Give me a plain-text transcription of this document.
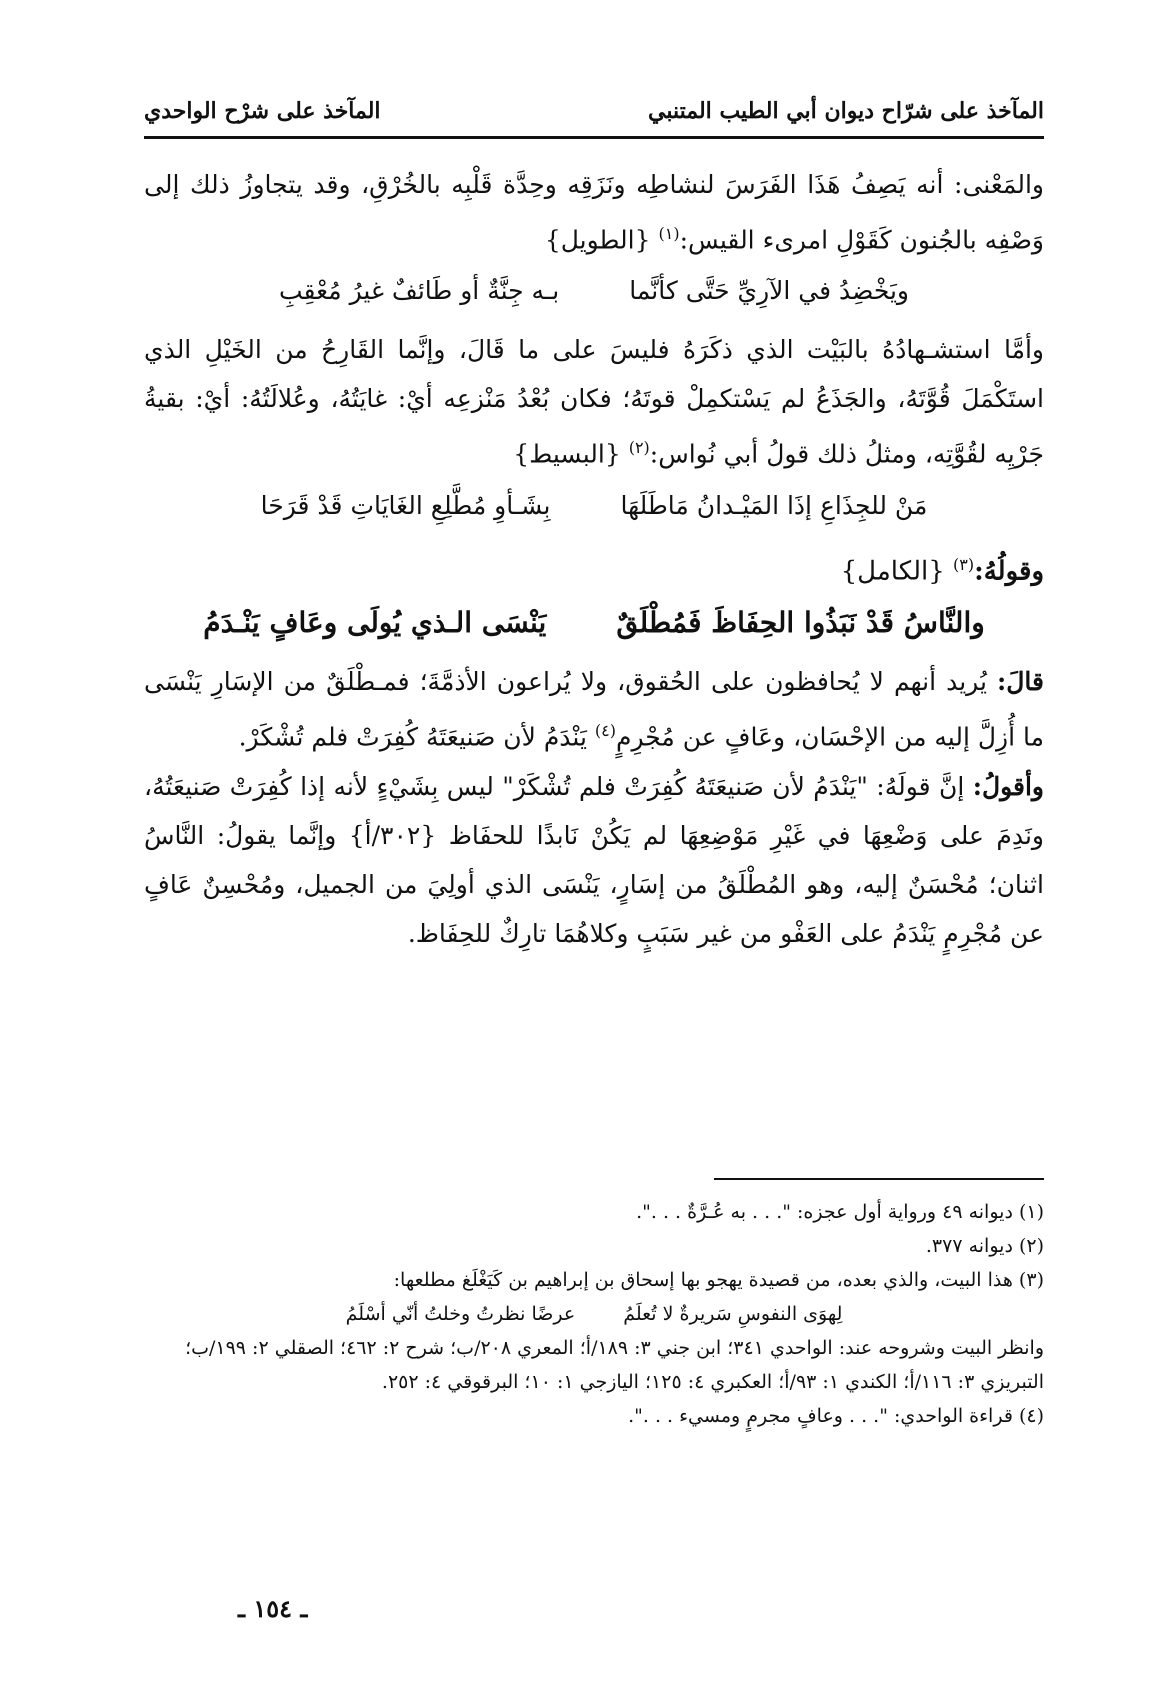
المآخذ على شرّاح ديوان أبي الطيب المتنبي
المآخذ على شرْح الواحدي

والمَعْنى: أنه يَصِفُ هَذَا الفَرَسَ لنشاطِه ونَزَقِه وحِدَّة قَلْبِه بالخُرْقِ، وقد يتجاوزُ ذلك إلى وَصْفِه بالجُنون كَقَوْلِ امرىء القيس:$^{(١)}$ {الطويل}

ويَخْضِدُ في الآرِيِّ حَتَّى كأنَّما
بـه جِنَّةٌ أو طَائفٌ غيرُ مُعْقِبِ

وأمَّا استشـهادُهُ بالبَيْت الذي ذكَرَهُ فليسَ على ما قَالَ، وإنَّما القَارِحُ من الخَيْلِ الذي استَكْمَلَ قُوَّتَهُ، والجَذَعُ لم يَسْتكمِلْ قوتَهُ؛ فكان بُعْدُ مَنْزعِه أيْ: غايَتُهُ، وعُلالَتُهُ: أيْ: بقيةُ جَرْيِه لقُوَّتِه، ومثلُ ذلك قولُ أبي نُواس:$^{(٢)}$ {البسيط}

مَنْ للجِذَاعِ إذَا المَيْـدانُ مَاطَلَهَا
بِشَـأوِ مُطَّلِعِ الغَايَاتِ قَدْ قَرَحَا

وقولُهُ:$^{(٣)}$ {الكامل}

والنَّاسُ قَدْ نَبَذُوا الحِفَاظَ فَمُطْلَقٌ
يَنْسَى الـذي يُولَى وعَافٍ يَنْـدَمُ

قالَ: يُريد أنهم لا يُحافظون على الحُقوق، ولا يُراعون الأذمَّةَ؛ فمـطْلَقٌ من الإسَارِ يَنْسَى ما أُزِلَّ إليه من الإحْسَان، وعَافٍ عن مُجْرِمٍ$^{(٤)}$ يَنْدَمُ لأن صَنيعَتَهُ كُفِرَتْ فلم تُشْكَرْ.

وأقولُ: إنَّ قولَهُ: "يَنْدَمُ لأن صَنيعَتَهُ كُفِرَتْ فلم تُشْكَرْ" ليس بِشَيْءٍ لأنه إذا كُفِرَتْ صَنيعَتُهُ، ونَدِمَ على وَضْعِهَا في غَيْرِ مَوْضِعِهَا لم يَكُنْ نَابذًا للحفَاظ {٣٠٢/أ} وإنَّما يقولُ: النَّاسُ اثنان؛ مُحْسَنٌ إليه، وهو المُطْلَقُ من إسَارٍ، يَنْسَى الذي أولِيَ من الجميل، ومُحْسِنٌ عَافٍ عن مُجْرِمٍ يَنْدَمُ على العَفْو من غير سَبَبٍ وكلاهُمَا تارِكٌ للحِفَاظ.

(١) ديوانه ٤٩ ورواية أول عجزه: ". . . به عُـرَّةٌ . . .".

(٢) ديوانه ٣٧٧.

(٣) هذا البيت، والذي بعده، من قصيدة يهجو بها إسحاق بن إبراهيم بن كَيَغْلَغ مطلعها:

لِهوَى النفوسِ سَريرةٌ لا تُعلَمُ
عرضًا نظرتُ وخلتُ أنّي أسْلَمُ

وانظر البيت وشروحه عند: الواحدي ٣٤١؛ ابن جني ٣: ١٨٩/أ؛ المعري ٢٠٨/ب؛ شرح ٢: ٤٦٢؛ الصقلي ٢: ١٩٩/ب؛ التبريزي ٣: ١١٦/أ؛ الكندي ١: ٩٣/أ؛ العكبري ٤: ١٢٥؛ اليازجي ١: ١٠؛ البرقوقي ٤: ٢٥٢.

(٤) قراءة الواحدي: ". . . وعافٍ مجرمٍ ومسيء . . .".

ـ ١٥٤ ـ
